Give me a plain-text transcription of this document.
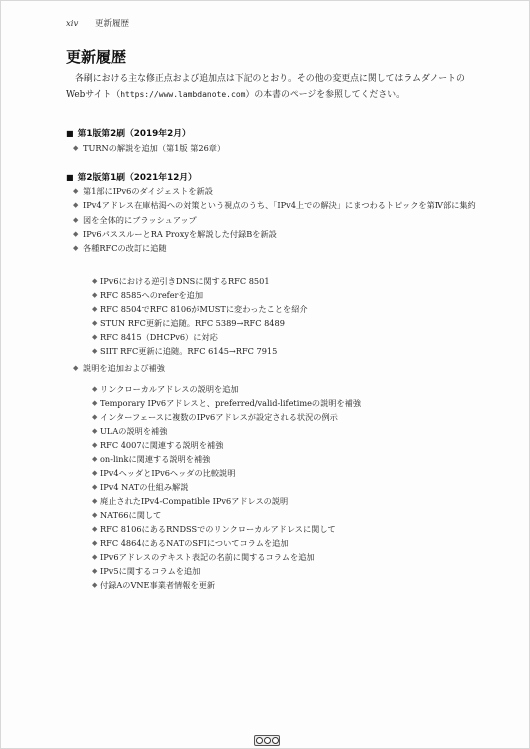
xiv 更新履歴
更新履歴

各刷における主な修正点および追加点は下記のとおり。その他の変更点に関してはラムダノートのWebサイト（https://www.lambdanote.com）の本書のページを参照してください。

■ 第1版第2刷（2019年2月）
◆ TURNの解説を追加（第1版 第26章）
■ 第2版第1刷（2021年12月）
◆ 第1部にIPv6のダイジェストを新設
◆ IPv4アドレス在庫枯渇への対策という視点のうち、「IPv4上での解決」にまつわるトピックを第Ⅳ部に集約
◆ 図を全体的にブラッシュアップ
◆ IPv6パススルーとRA Proxyを解説した付録Bを新設
◆ 各種RFCの改訂に追随
◆ IPv6における逆引きDNSに関するRFC 8501
◆ RFC 8585へのreferを追加
◆ RFC 8504でRFC 8106がMUSTに変わったことを紹介
◆ STUN RFC更新に追随。RFC 5389→RFC 8489
◆ RFC 8415（DHCPv6）に対応
◆ SIIT RFC更新に追随。RFC 6145→RFC 7915
◆ 説明を追加および補強
◆ リンクローカルアドレスの説明を追加
◆ Temporary IPv6アドレスと、preferred/valid-lifetimeの説明を補強
◆ インターフェースに複数のIPv6アドレスが設定される状況の例示
◆ ULAの説明を補強
◆ RFC 4007に関連する説明を補強
◆ on-linkに関連する説明を補強
◆ IPv4ヘッダとIPv6ヘッダの比較説明
◆ IPv4 NATの仕組み解説
◆ 廃止されたIPv4-Compatible IPv6アドレスの説明
◆ NAT66に関して
◆ RFC 8106にあるRNDSSでのリンクローカルアドレスに関して
◆ RFC 4864にあるNATのSFIについてコラムを追加
◆ IPv6アドレスのテキスト表記の名前に関するコラムを追加
◆ IPv5に関するコラムを追加
◆ 付録AのVNE事業者情報を更新
